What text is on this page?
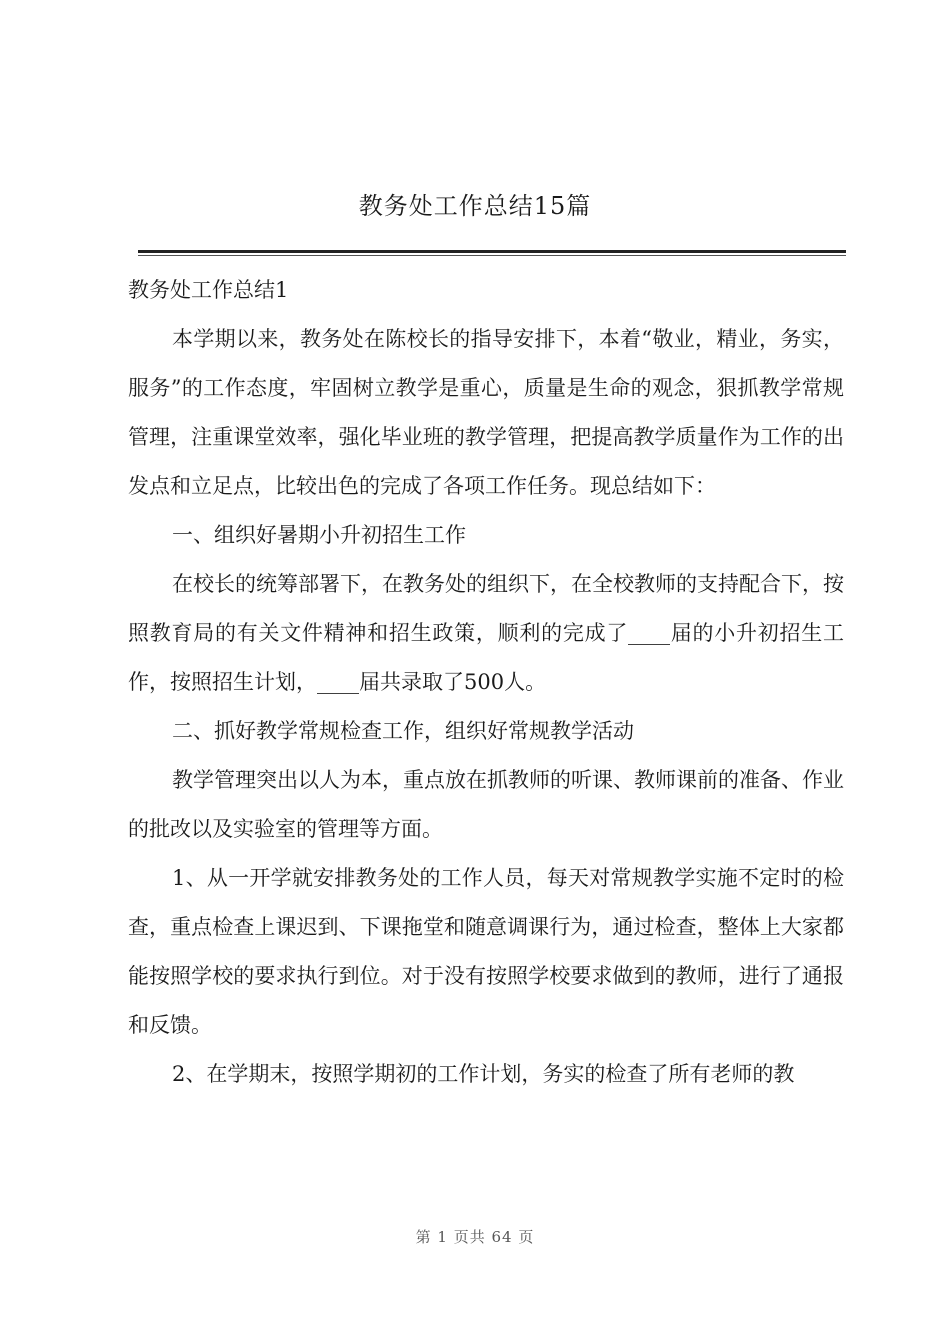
教务处工作总结15篇

教务处工作总结1

本学期以来，教务处在陈校长的指导安排下，本着“敬业，精业，务实，服务”的工作态度，牢固树立教学是重心，质量是生命的观念，狠抓教学常规管理，注重课堂效率，强化毕业班的教学管理，把提高教学质量作为工作的出发点和立足点，比较出色的完成了各项工作任务。现总结如下：

一、组织好暑期小升初招生工作

在校长的统筹部署下，在教务处的组织下，在全校教师的支持配合下，按照教育局的有关文件精神和招生政策，顺利的完成了____届的小升初招生工作，按照招生计划，____届共录取了500人。

二、抓好教学常规检查工作，组织好常规教学活动

教学管理突出以人为本，重点放在抓教师的听课、教师课前的准备、作业的批改以及实验室的管理等方面。

1、从一开学就安排教务处的工作人员，每天对常规教学实施不定时的检查，重点检查上课迟到、下课拖堂和随意调课行为，通过检查，整体上大家都能按照学校的要求执行到位。对于没有按照学校要求做到的教师，进行了通报和反馈。

2、在学期末，按照学期初的工作计划，务实的检查了所有老师的教

第 1 页共 64 页
